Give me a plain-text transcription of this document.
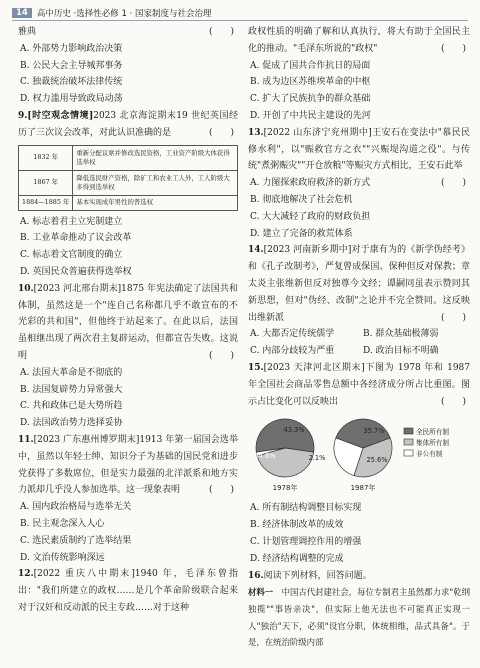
14	高中历史 ·选择性必修 1 · 国家制度与社会治理

雅典	(　　)

A. 外部势力影响政治决策

B. 公民大会主导城邦事务

C. 独裁统治破坏法律传统

D. 权力滥用导致政局动荡

9.[时空观念情境]2023 北京海淀期末19 世纪英国经历了三次议会改革，对此认识准确的是	(　　)

1832 年	重新分配议席并修改选民资格，工业资产阶级大体获得选举权
1867 年	降低选民财产资格，除矿工和农业工人外，工人阶级大多得到选举权
1884—1885 年	基本实现成年男性的普选权

A. 标志着君主立宪制建立

B. 工业革命推动了议会改革

C. 标志着文官制度的确立

D. 英国民众普遍获得选举权

10.[2023 河北邢台期末]1875 年宪法确定了法国共和体制，虽然这是一个"连自己名称都几乎不敢宣布的不光彩的共和国"，但他终于站起来了。在此以后，法国虽相继出现了两次君主复辟运动，但都宣告失败。这说明	(　　)

A. 法国大革命是不彻底的

B. 法国复辟势力异常强大

C. 共和政体已是大势所趋

D. 法国政治势力选择妥协

11.[2023 广东惠州博罗期末]1913 年第一届国会选举中，虽然以年轻士绅、知识分子为基础的国民党和进步党获得了多数席位，但是实力最强的北洋派系和地方实力派却几乎没人参加选举。这一现象表明	(　　)

A. 国内政治格局与选举无关

B. 民主观念深入人心

C. 选民素质制约了选举结果

D. 文治传统影响深远

12.[2022 重庆八中期末]1940 年，毛泽东曾指出："我们所建立的政权……是几个革命阶级联合起来对于汉奸和反动派的民主专政……对于这种

政权性质的明确了解和认真执行，将大有助于全国民主化的推动。"毛泽东所说的"政权"	(　　)

A. 促成了国共合作抗日的局面

B. 成为边区苏维埃革命的中枢

C. 扩大了民族抗争的群众基础

D. 开创了中共民主建设的先河

13.[2022 山东济宁兖州期中]王安石在变法中"慕民民修水利"，以"赈救官方之衣""兴赈堤沟道之役"。与传统"煮粥赈灾""开仓放粮"等赈灾方式相比，王安石此举
(　　)

A. 力图探索政府救济的新方式

B. 彻底地解决了社会危机

C. 大大减轻了政府的财政负担

D. 建立了完备的救荒体系

14.[2023 河南新乡期中]对于康有为的《新学伪经考》和《孔子改制考》，严复曾成保国、保种但反对保教；章太炎主张维新但反对独尊今文经；谭嗣同虽表示赞同其新思想，但对"伪经、改制"之论并不完全赞同。这反映出维新派	(　　)

A. 大都否定传统儒学	B. 群众基础极薄弱

C. 内部分歧较为严重	D. 政治目标不明确

15.[2023 天津河北区期末]下图为 1978 年和 1987 年全国社会商品零售总额中各经济成分所占比重图。图示占比变化可以反映出	(　　)

54.6%
43.3%
2.1%
1978年
38.7%
35.7%
25.6%
1987年
全民所有制
集体所有制
非公有制

A. 所有制结构调整目标实现

B. 经济体制改革的成效

C. 计划管理调控作用的增强

D. 经济结构调整的完成

16.阅读下列材料，回答问题。

材料一　 中国古代封建社会，每位专制君主虽然都力求"乾纲独揽""事皆亲决"，但实际上他无法也不可能真正实现一人"独治"天下，必须"设官分职，体统相维，品式具备"。于是，在统治阶级内部
